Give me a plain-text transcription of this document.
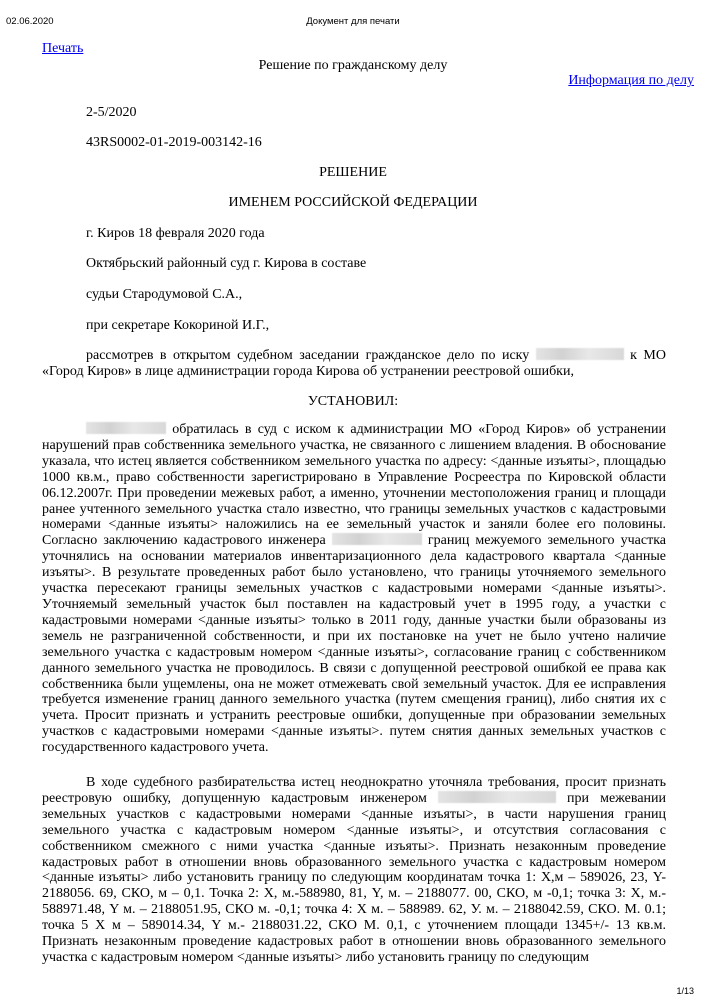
02.06.2020	Документ для печати
Печать
Решение по гражданскому делу
Информация по делу
2-5/2020
43RS0002-01-2019-003142-16
РЕШЕНИЕ
ИМЕНЕМ РОССИЙСКОЙ ФЕДЕРАЦИИ
г. Киров 18 февраля 2020 года
Октябрьский районный суд г. Кирова в составе
судьи Стародумовой С.А.,
при секретаре Кокориной И.Г.,
рассмотрев в открытом судебном заседании гражданское дело по иску	к МО «Город Киров» в лице администрации города Кирова об устранении реестровой ошибки,
УСТАНОВИЛ:
обратилась в суд с иском к администрации МО «Город Киров» об устранении нарушений прав собственника земельного участка, не связанного с лишением владения. В обоснование указала, что истец является собственником земельного участка по адресу: <данные изъяты>, площадью 1000 кв.м., право собственности зарегистрировано в Управление Росреестра по Кировской области 06.12.2007г. При проведении межевых работ, а именно, уточнении местоположения границ и площади ранее учтенного земельного участка стало известно, что границы земельных участков с кадастровыми номерами <данные изъяты> наложились на ее земельный участок и заняли более его половины. Согласно заключению кадастрового инженера	границ межуемого земельного участка уточнялись на основании материалов инвентаризационного дела кадастрового квартала <данные изъяты>. В результате проведенных работ было установлено, что границы уточняемого земельного участка пересекают границы земельных участков с кадастровыми номерами <данные изъяты>. Уточняемый земельный участок был поставлен на кадастровый учет в 1995 году, а участки с кадастровыми номерами <данные изъяты> только в 2011 году, данные участки были образованы из земель не разграниченной собственности, и при их постановке на учет не было учтено наличие земельного участка с кадастровым номером <данные изъяты>, согласование границ с собственником данного земельного участка не проводилось. В связи с допущенной реестровой ошибкой ее права как собственника были ущемлены, она не может отмежевать свой земельный участок. Для ее исправления требуется изменение границ данного земельного участка (путем смещения границ), либо снятия их с учета. Просит признать и устранить реестровые ошибки, допущенные при образовании земельных участков с кадастровыми номерами <данные изъяты>. путем снятия данных земельных участков с государственного кадастрового учета.
В ходе судебного разбирательства истец неоднократно уточняла требования, просит признать реестровую ошибку, допущенную кадастровым инженером	при межевании земельных участков с кадастровыми номерами <данные изъяты>, в части нарушения границ земельного участка с кадастровым номером <данные изъяты>, и отсутствия согласования с собственником смежного с ними участка <данные изъяты>. Признать незаконным проведение кадастровых работ в отношении вновь образованного земельного участка с кадастровым номером <данные изъяты> либо установить границу по следующим координатам точка 1: Х,м – 589026, 23, Y- 2188056. 69, СКО, м – 0,1. Точка 2: Х, м.-588980, 81, Y, м. – 2188077. 00, СКО, м -0,1; точка 3: Х, м.- 588971.48, Y м. – 2188051.95, СКО м. -0,1; точка 4: Х м. – 588989. 62, У. м. – 2188042.59, СКО. М. 0.1; точка 5 Х м – 589014.34, Y м.- 2188031.22, СКО М. 0,1, с уточнением площади 1345+/- 13 кв.м. Признать незаконным проведение кадастровых работ в отношении вновь образованного земельного участка с кадастровым номером <данные изъяты> либо установить границу по следующим
1/13
